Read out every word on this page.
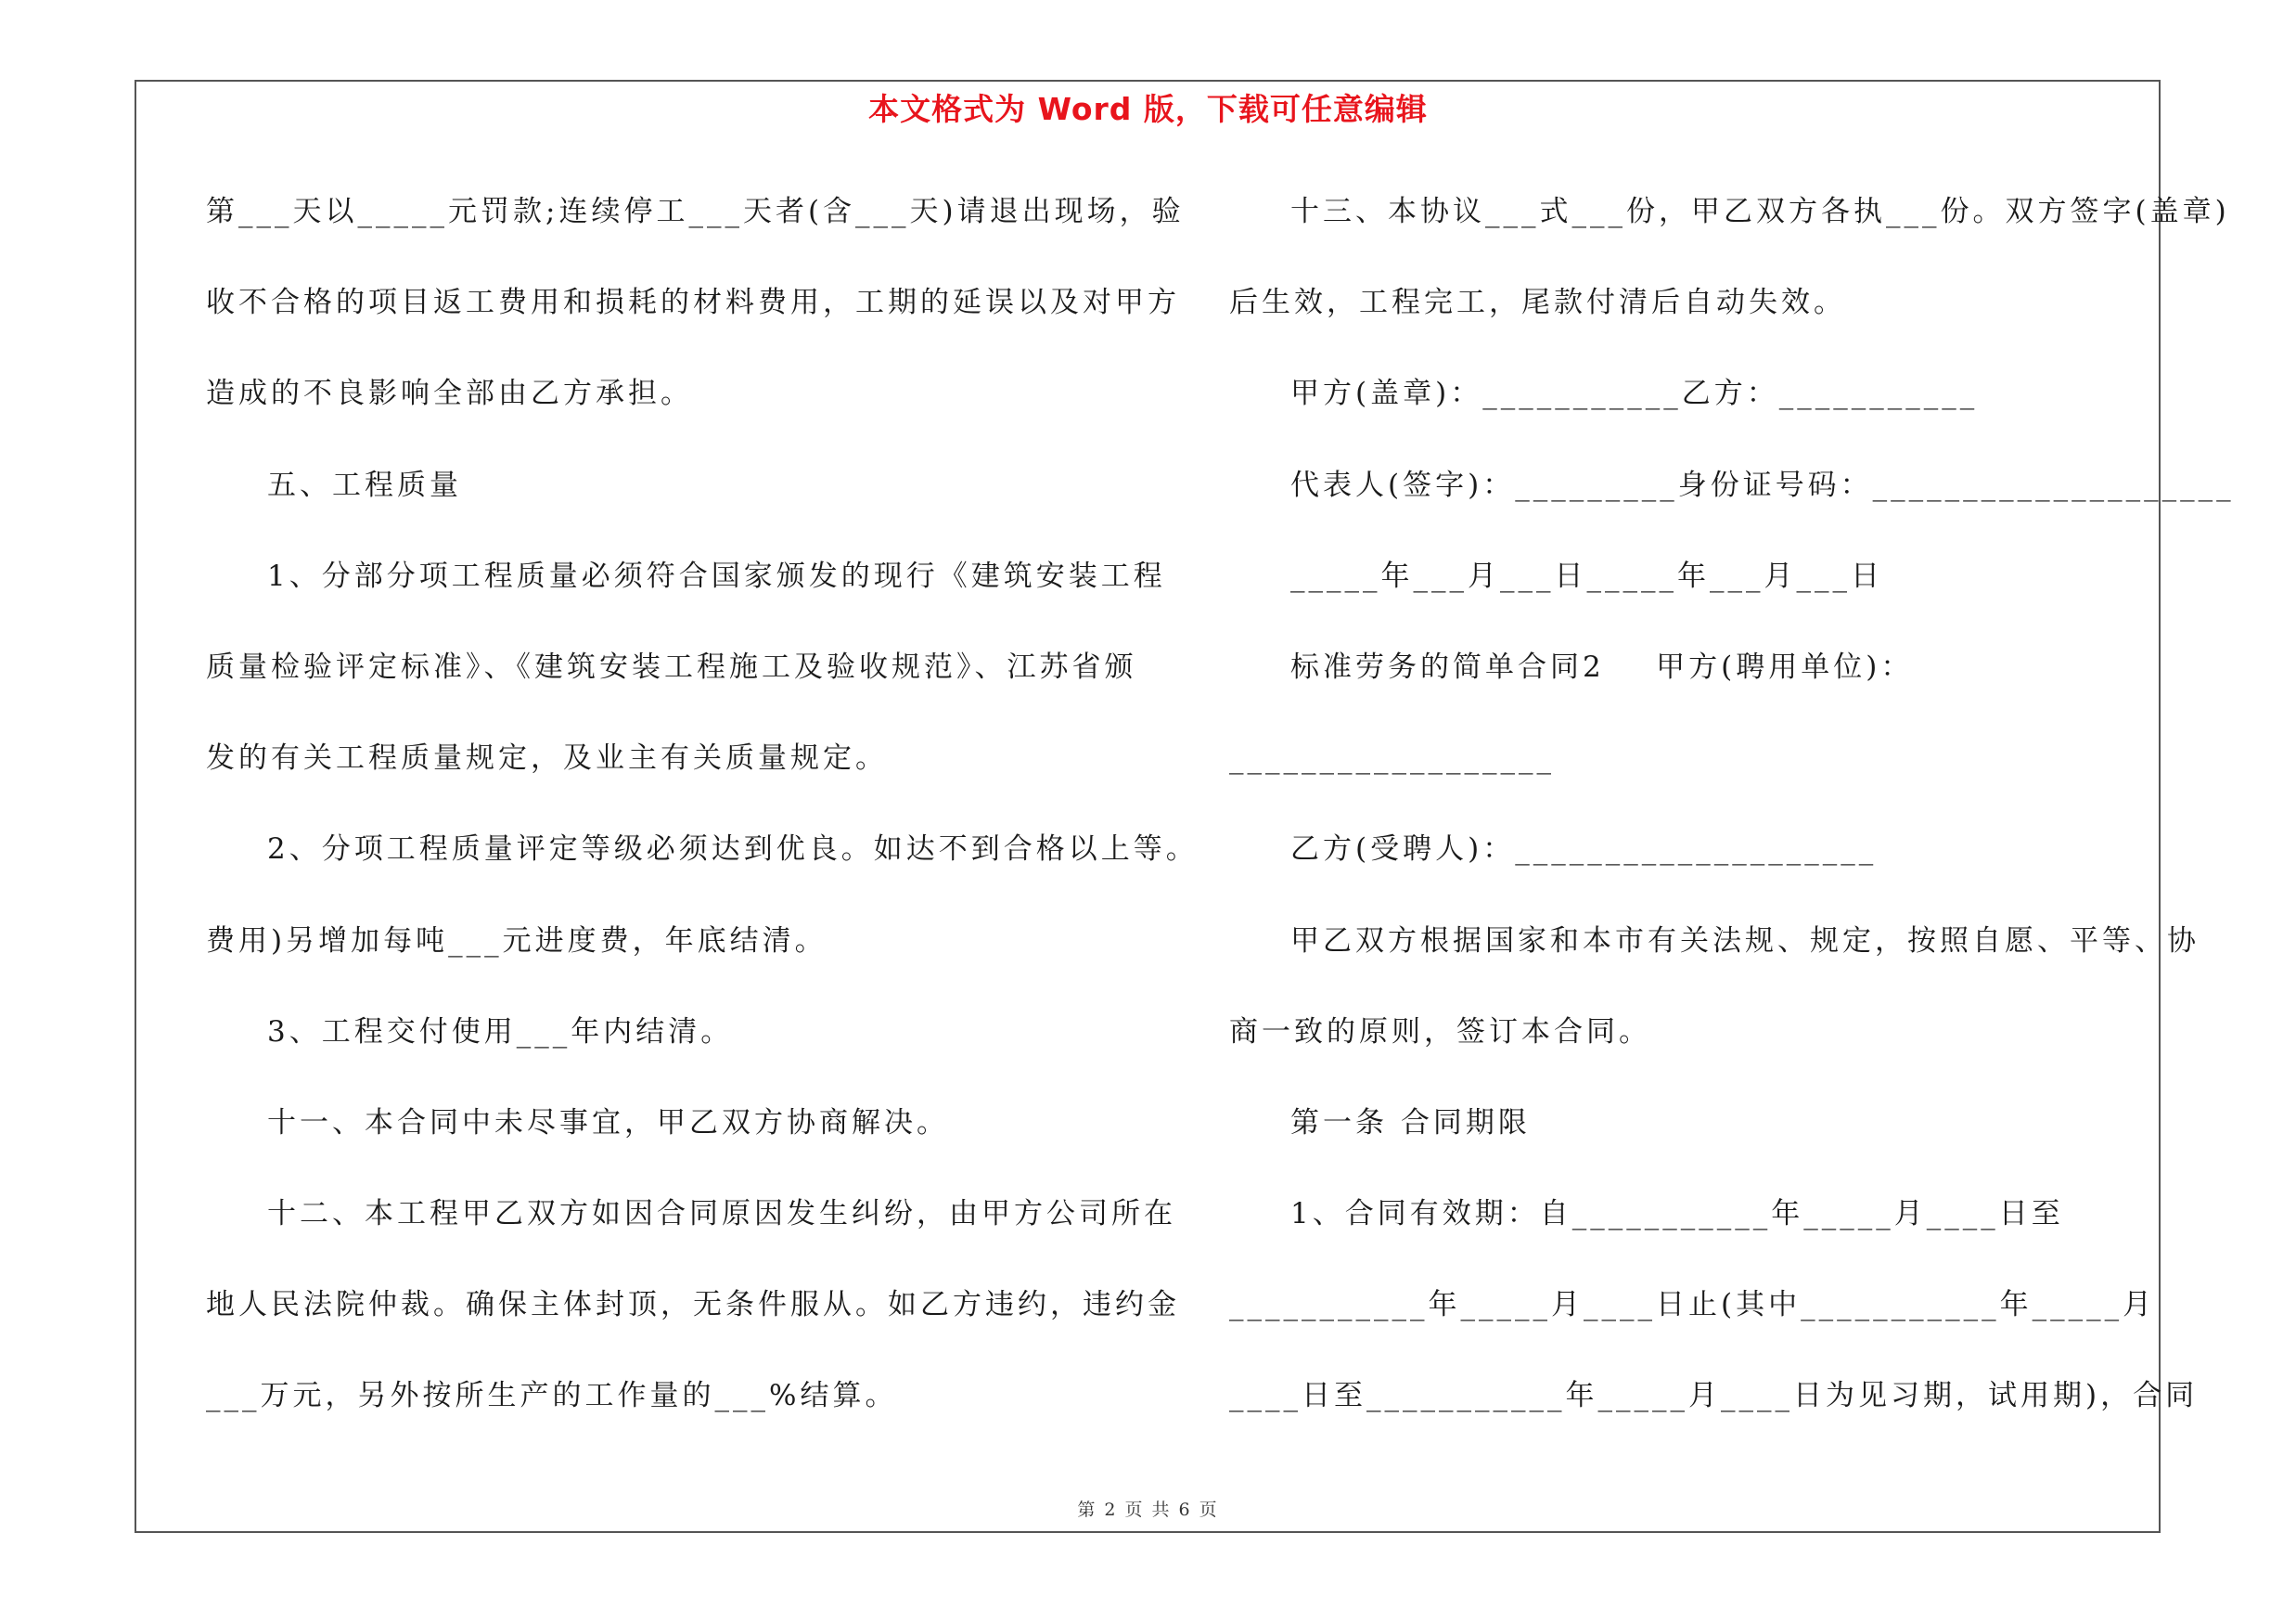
本文格式为 Word 版，下载可任意编辑
第___天以_____元罚款;连续停工___天者(含___天)请退出现场，验
收不合格的项目返工费用和损耗的材料费用，工期的延误以及对甲方
造成的不良影响全部由乙方承担。
五、工程质量
1、分部分项工程质量必须符合国家颁发的现行《建筑安装工程
质量检验评定标准》、《建筑安装工程施工及验收规范》、江苏省颁
发的有关工程质量规定，及业主有关质量规定。
2、分项工程质量评定等级必须达到优良。如达不到合格以上等。
费用)另增加每吨___元进度费，年底结清。
3、工程交付使用___年内结清。
十一、本合同中未尽事宜，甲乙双方协商解决。
十二、本工程甲乙双方如因合同原因发生纠纷，由甲方公司所在
地人民法院仲裁。确保主体封顶，无条件服从。如乙方违约，违约金
___万元，另外按所生产的工作量的___%结算。
十三、本协议___式___份，甲乙双方各执___份。双方签字(盖章)
后生效，工程完工，尾款付清后自动失效。
甲方(盖章)：___________乙方：___________
代表人(签字)：_________身份证号码：____________________
_____年___月___日_____年___月___日
标准劳务的简单合同2    甲方(聘用单位)：
__________________
乙方(受聘人)：____________________
甲乙双方根据国家和本市有关法规、规定，按照自愿、平等、协
商一致的原则，签订本合同。
第一条 合同期限
1、合同有效期：自___________年_____月____日至
___________年_____月____日止(其中___________年_____月
____日至___________年_____月____日为见习期，试用期)，合同
第 2 页 共 6 页
